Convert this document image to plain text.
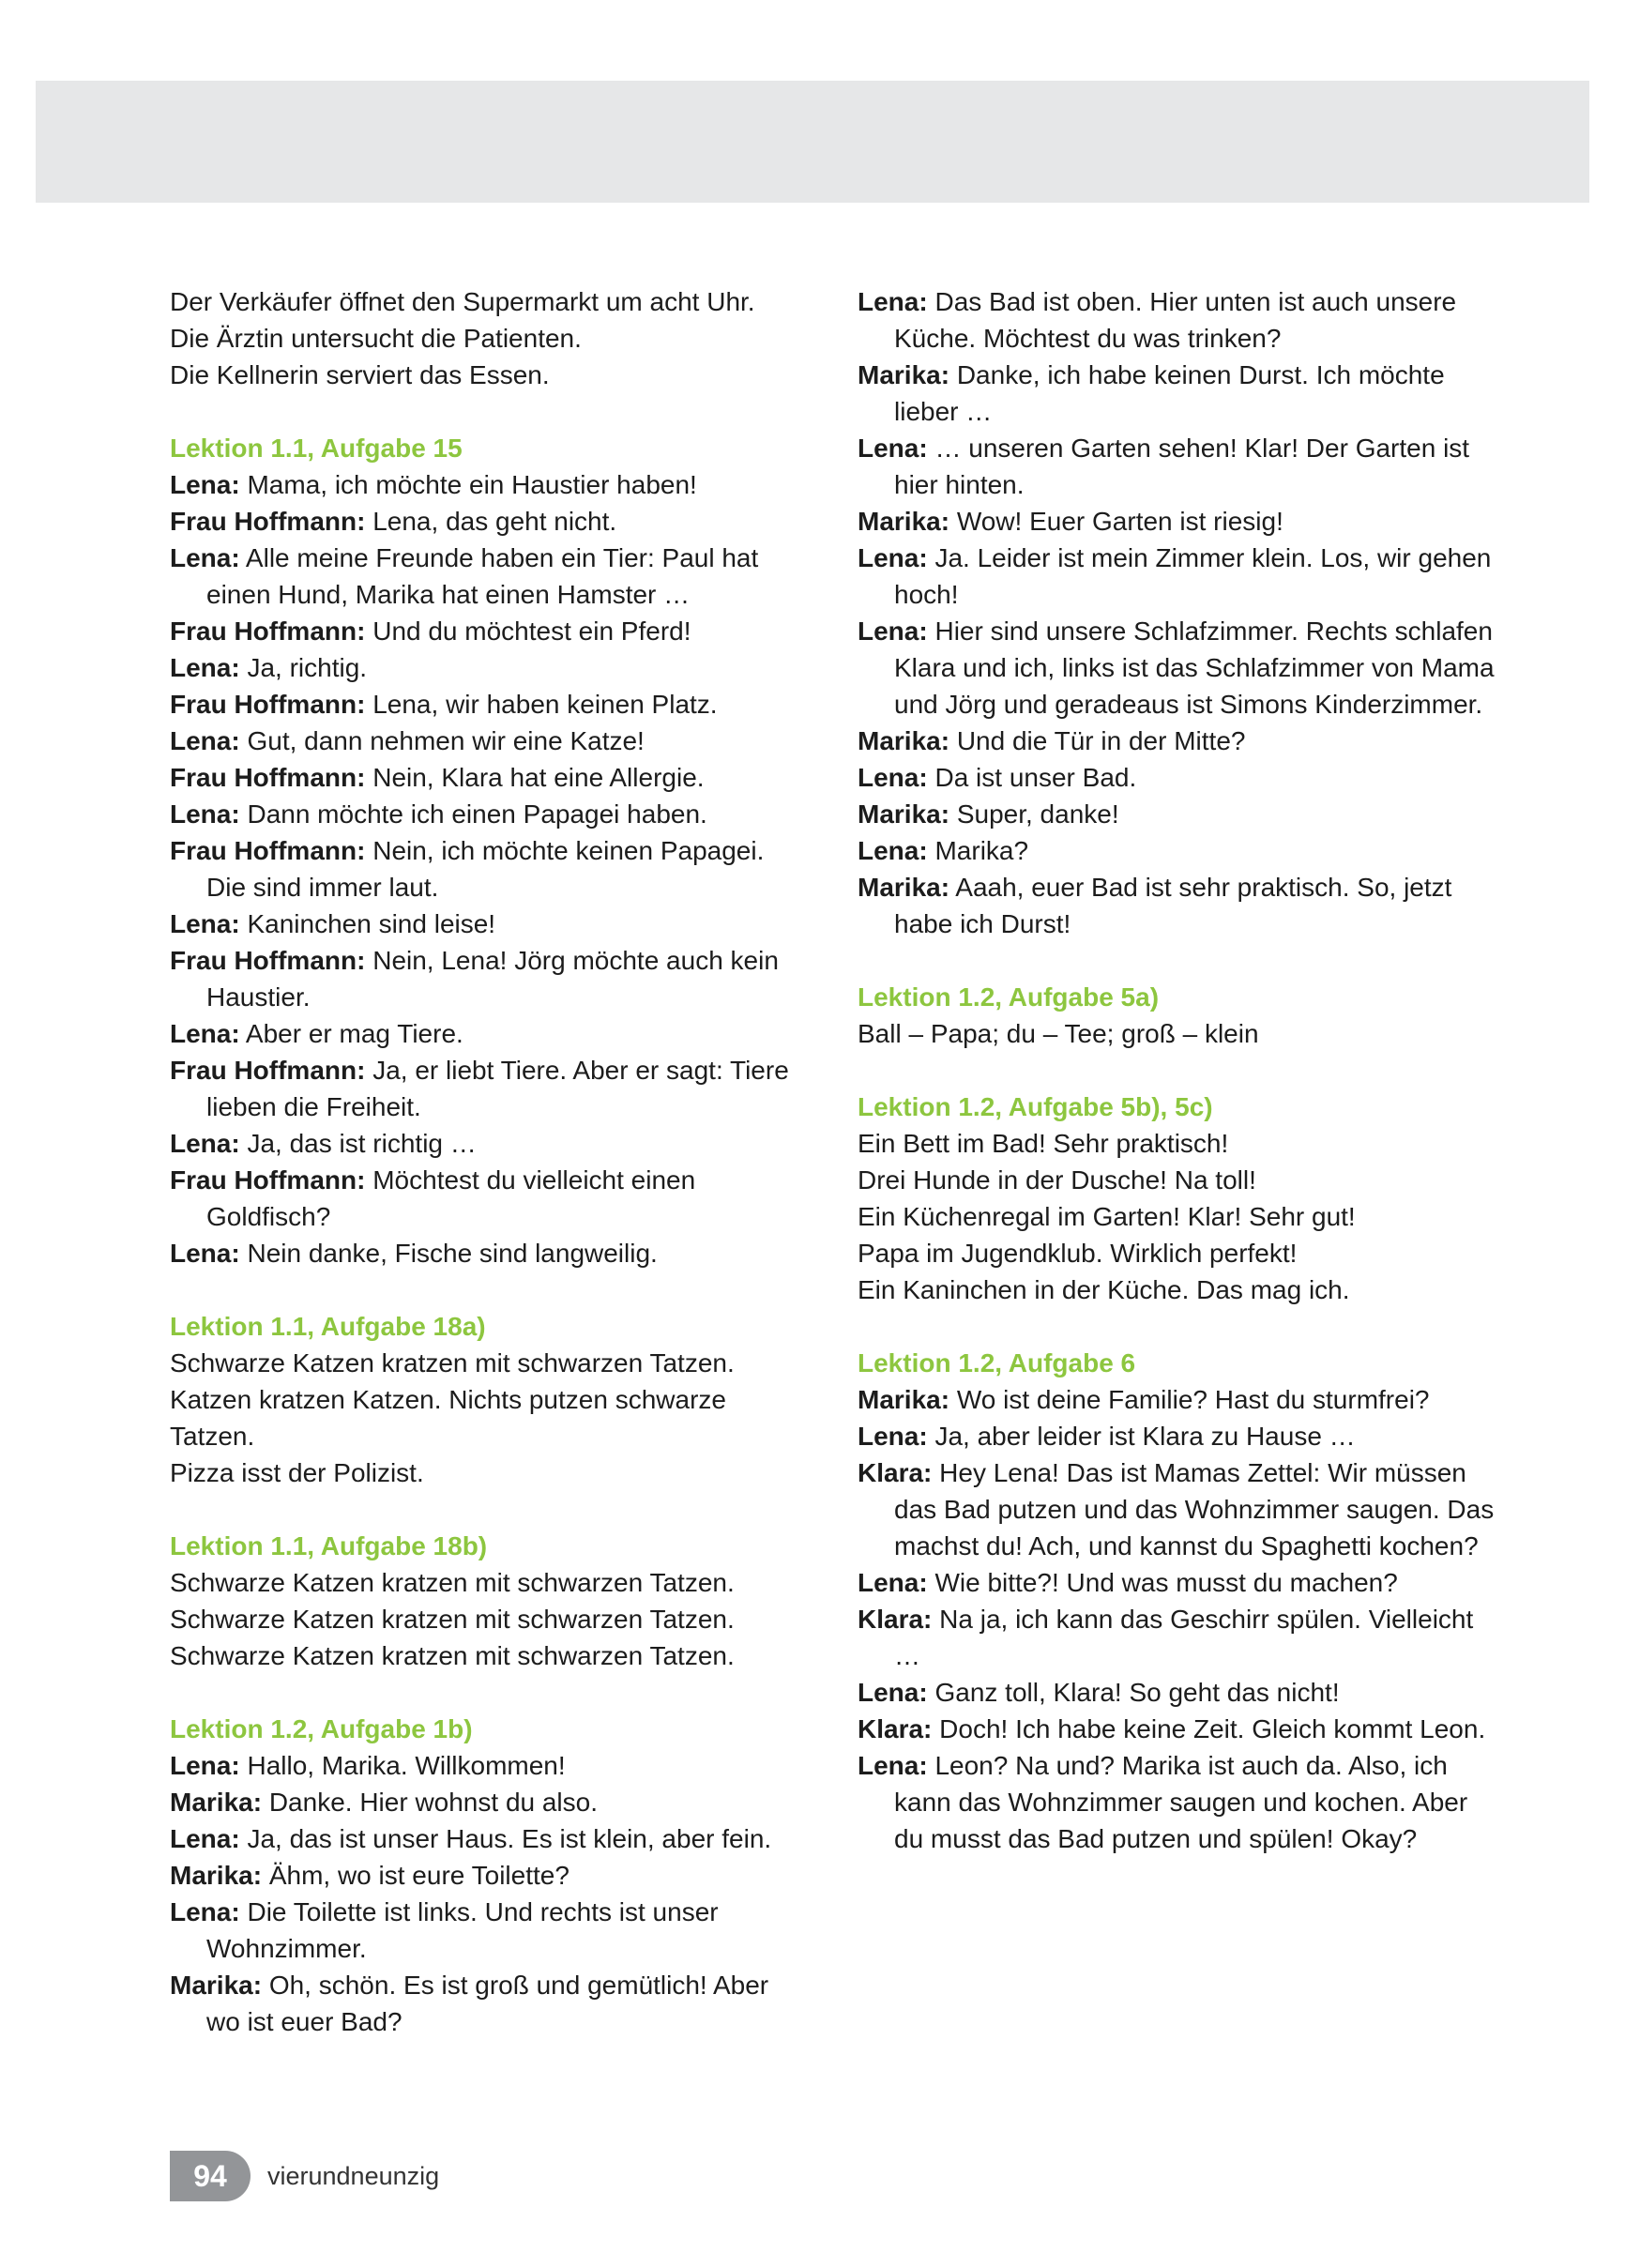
Der Verkäufer öffnet den Supermarkt um acht Uhr.

Die Ärztin untersucht die Patienten.

Die Kellnerin serviert das Essen.

Lektion 1.1, Aufgabe 15

Lena: Mama, ich möchte ein Haustier haben!

Frau Hoffmann: Lena, das geht nicht.

Lena: Alle meine Freunde haben ein Tier: Paul hat einen Hund, Marika hat einen Hamster …

Frau Hoffmann: Und du möchtest ein Pferd!

Lena: Ja, richtig.

Frau Hoffmann: Lena, wir haben keinen Platz.

Lena: Gut, dann nehmen wir eine Katze!

Frau Hoffmann: Nein, Klara hat eine Allergie.

Lena: Dann möchte ich einen Papagei haben.

Frau Hoffmann: Nein, ich möchte keinen Papagei. Die sind immer laut.

Lena: Kaninchen sind leise!

Frau Hoffmann: Nein, Lena! Jörg möchte auch kein Haustier.

Lena: Aber er mag Tiere.

Frau Hoffmann: Ja, er liebt Tiere. Aber er sagt: Tiere lieben die Freiheit.

Lena: Ja, das ist richtig …

Frau Hoffmann: Möchtest du vielleicht einen Goldfisch?

Lena: Nein danke, Fische sind langweilig.

Lektion 1.1, Aufgabe 18a)

Schwarze Katzen kratzen mit schwarzen Tatzen.

Katzen kratzen Katzen. Nichts putzen schwarze

Tatzen.

Pizza isst der Polizist.

Lektion 1.1, Aufgabe 18b)

Schwarze Katzen kratzen mit schwarzen Tatzen.

Schwarze Katzen kratzen mit schwarzen Tatzen.

Schwarze Katzen kratzen mit schwarzen Tatzen.

Lektion 1.2, Aufgabe 1b)

Lena: Hallo, Marika. Willkommen!

Marika: Danke. Hier wohnst du also.

Lena: Ja, das ist unser Haus. Es ist klein, aber fein.

Marika: Ähm, wo ist eure Toilette?

Lena: Die Toilette ist links. Und rechts ist unser Wohnzimmer.

Marika: Oh, schön. Es ist groß und gemütlich! Aber wo ist euer Bad?

Lena: Das Bad ist oben. Hier unten ist auch unsere Küche. Möchtest du was trinken?

Marika: Danke, ich habe keinen Durst. Ich möchte lieber …

Lena: … unseren Garten sehen! Klar! Der Garten ist hier hinten.

Marika: Wow! Euer Garten ist riesig!

Lena: Ja. Leider ist mein Zimmer klein. Los, wir gehen hoch!

Lena: Hier sind unsere Schlafzimmer. Rechts schlafen Klara und ich, links ist das Schlafzimmer von Mama und Jörg und geradeaus ist Simons Kinderzimmer.

Marika: Und die Tür in der Mitte?

Lena: Da ist unser Bad.

Marika: Super, danke!

Lena: Marika?

Marika: Aaah, euer Bad ist sehr praktisch. So, jetzt habe ich Durst!

Lektion 1.2, Aufgabe 5a)

Ball – Papa; du – Tee; groß – klein

Lektion 1.2, Aufgabe 5b), 5c)

Ein Bett im Bad! Sehr praktisch!

Drei Hunde in der Dusche! Na toll!

Ein Küchenregal im Garten! Klar! Sehr gut!

Papa im Jugendklub. Wirklich perfekt!

Ein Kaninchen in der Küche. Das mag ich.

Lektion 1.2, Aufgabe 6

Marika: Wo ist deine Familie? Hast du sturmfrei?

Lena: Ja, aber leider ist Klara zu Hause …

Klara: Hey Lena! Das ist Mamas Zettel: Wir müssen das Bad putzen und das Wohnzimmer saugen. Das machst du! Ach, und kannst du Spaghetti kochen?

Lena: Wie bitte?! Und was musst du machen?

Klara: Na ja, ich kann das Geschirr spülen. Vielleicht …

Lena: Ganz toll, Klara! So geht das nicht!

Klara: Doch! Ich habe keine Zeit. Gleich kommt Leon.

Lena: Leon? Na und? Marika ist auch da. Also, ich kann das Wohnzimmer saugen und kochen. Aber du musst das Bad putzen und spülen! Okay?

94	vierundneunzig
